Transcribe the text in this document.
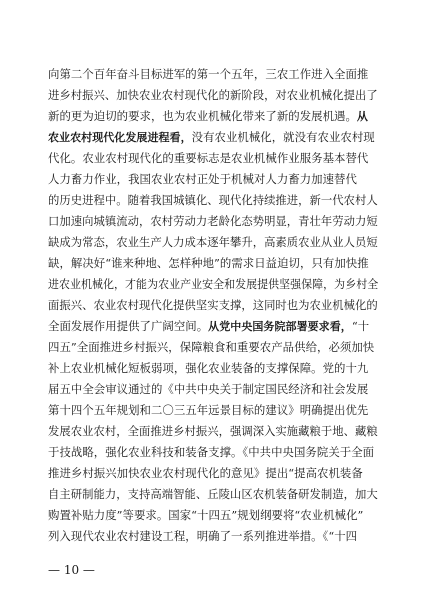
向第二个百年奋斗目标进军的第一个五年，三农工作进入全面推
进乡村振兴、加快农业农村现代化的新阶段，对农业机械化提出了
新的更为迫切的要求，也为农业机械化带来了新的发展机遇。从
农业农村现代化发展进程看，没有农业机械化，就没有农业农村现
代化。农业农村现代化的重要标志是农业机械作业服务基本替代
人力畜力作业，我国农业农村正处于机械对人力畜力加速替代
的历史进程中。随着我国城镇化、现代化持续推进，新一代农村人
口加速向城镇流动，农村劳动力老龄化态势明显，青壮年劳动力短
缺成为常态，农业生产人力成本逐年攀升，高素质农业从业人员短
缺，解决好“谁来种地、怎样种地”的需求日益迫切，只有加快推
进农业机械化，才能为农业产业安全和发展提供坚强保障，为乡村全
面振兴、农业农村现代化提供坚实支撑，这同时也为农业机械化的
全面发展作用提供了广阔空间。从党中央国务院部署要求看，“十
四五”全面推进乡村振兴，保障粮食和重要农产品供给，必须加快
补上农业机械化短板弱项，强化农业装备的支撑保障。党的十九
届五中全会审议通过的《中共中央关于制定国民经济和社会发展
第十四个五年规划和二〇三五年远景目标的建议》明确提出优先
发展农业农村，全面推进乡村振兴，强调深入实施藏粮于地、藏粮
于技战略，强化农业科技和装备支撑。《中共中央国务院关于全面
推进乡村振兴加快农业农村现代化的意见》提出“提高农机装备
自主研制能力，支持高端智能、丘陵山区农机装备研发制造，加大
购置补贴力度”等要求。国家“十四五”规划纲要将“农业机械化”
列入现代农业农村建设工程，明确了一系列推进举措。《“十四
— 10 —
